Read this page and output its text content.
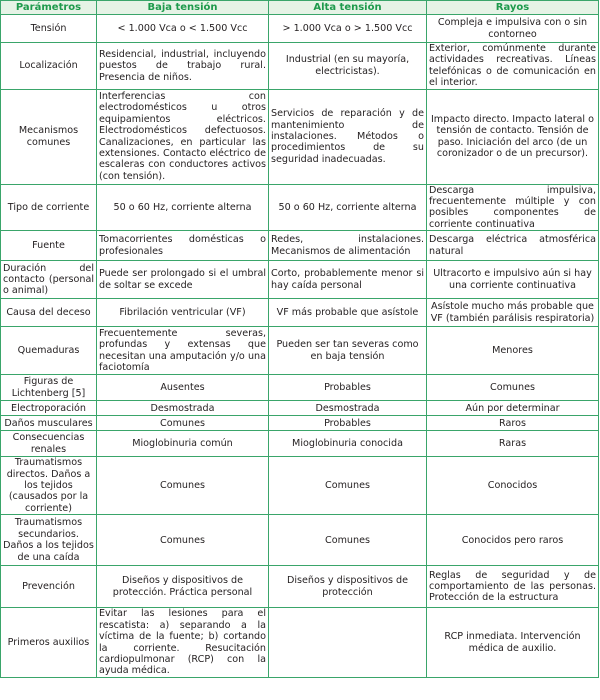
Parámetros	Baja tensión	Alta tensión	Rayos
Tensión	< 1.000 Vca o < 1.500 Vcc	> 1.000 Vca o > 1.500 Vcc	Compleja e impulsiva con o sin contorneo
Localización	Residencial, industrial, incluyendo puestos de trabajo rural. Presencia de niños.	Industrial (en su mayoría, electricistas).	Exterior, comúnmente durante actividades recreativas. Líneas telefónicas o de comunicación en el interior.
Mecanismos comunes	Interferencias con electrodomésticos u otros equipamientos eléctricos. Electrodomésticos defectuosos. Canalizaciones, en particular las extensiones. Contacto eléctrico de escaleras con conductores activos (con tensión).	Servicios de reparación y de mantenimiento de instalaciones. Métodos o procedimientos de su seguridad inadecuadas.	Impacto directo. Impacto lateral o tensión de contacto. Tensión de paso. Iniciación del arco (de un coronizador o de un precursor).
Tipo de corriente	50 o 60 Hz, corriente alterna	50 o 60 Hz, corriente alterna	Descarga impulsiva, frecuentemente múltiple y con posibles componentes de corriente continuativa
Fuente	Tomacorrientes domésticas o profesionales	Redes, instalaciones. Mecanismos de alimentación	Descarga eléctrica atmosférica natural
Duración del contacto (personal o animal)	Puede ser prolongado si el umbral de soltar se excede	Corto, probablemente menor si hay caída personal	Ultracorto e impulsivo aún si hay una corriente continuativa
Causa del deceso	Fibrilación ventricular (VF)	VF más probable que asístole	Asístole mucho más probable que VF (también parálisis respiratoria)
Quemaduras	Frecuentemente severas, profundas y extensas que necesitan una amputación y/o una faciotomía	Pueden ser tan severas como en baja tensión	Menores
Figuras de Lichtenberg [5]	Ausentes	Probables	Comunes
Electroporación	Desmostrada	Desmostrada	Aún por determinar
Daños musculares	Comunes	Probables	Raros
Consecuencias renales	Mioglobinuria común	Mioglobinuria conocida	Raras
Traumatismos directos. Daños a los tejidos (causados por la corriente)	Comunes	Comunes	Conocidos
Traumatismos secundarios. Daños a los tejidos de una caída	Comunes	Comunes	Conocidos pero raros
Prevención	Diseños y dispositivos de protección. Práctica personal	Diseños y dispositivos de protección	Reglas de seguridad y de comportamiento de las personas. Protección de la estructura
Primeros auxilios	Evitar las lesiones para el rescatista: a) separando a la víctima de la fuente; b) cortando la corriente. Resucitación cardiopulmonar (RCP) con la ayuda médica.		RCP inmediata. Intervención médica de auxilio.
